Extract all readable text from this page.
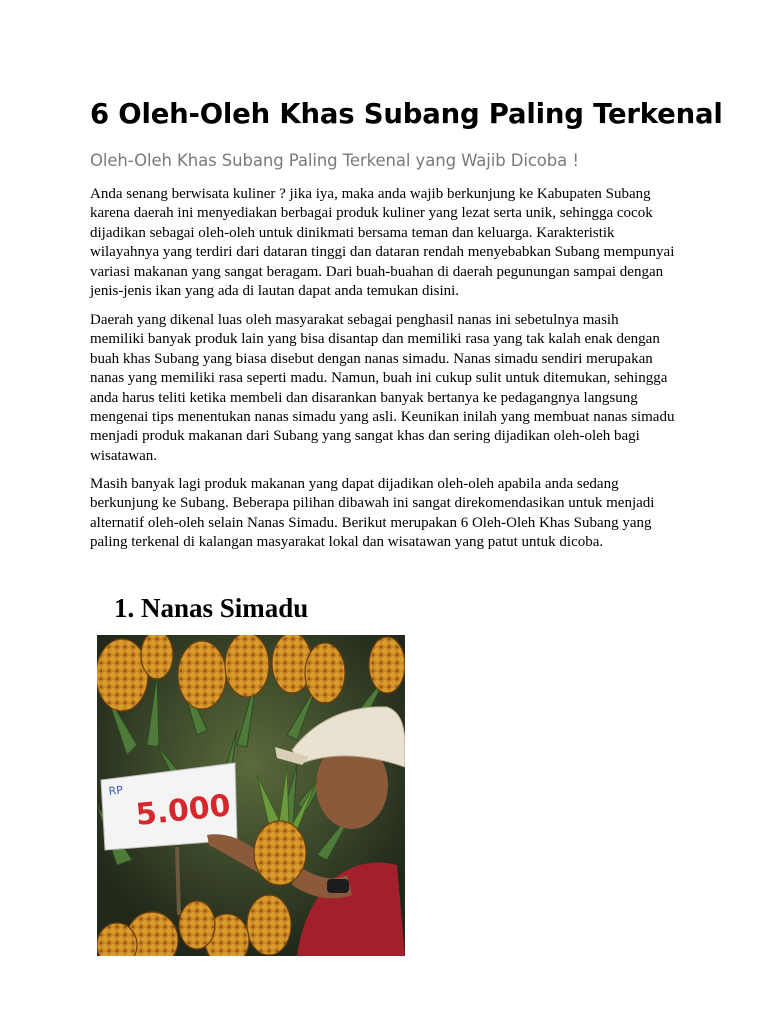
6 Oleh-Oleh Khas Subang Paling Terkenal

Oleh-Oleh Khas Subang Paling Terkenal yang Wajib Dicoba !

Anda senang berwisata kuliner ? jika iya, maka anda wajib berkunjung ke Kabupaten Subang
karena daerah ini menyediakan berbagai produk kuliner yang lezat serta unik, sehingga cocok
dijadikan sebagai oleh-oleh untuk dinikmati bersama teman dan keluarga. Karakteristik
wilayahnya yang terdiri dari dataran tinggi dan dataran rendah menyebabkan Subang mempunyai
variasi makanan yang sangat beragam. Dari buah-buahan di daerah pegunungan sampai dengan
jenis-jenis ikan yang ada di lautan dapat anda temukan disini.

Daerah yang dikenal luas oleh masyarakat sebagai penghasil nanas ini sebetulnya masih
memiliki banyak produk lain yang bisa disantap dan memiliki rasa yang tak kalah enak dengan
buah khas Subang yang biasa disebut dengan nanas simadu. Nanas simadu sendiri merupakan
nanas yang memiliki rasa seperti madu. Namun, buah ini cukup sulit untuk ditemukan, sehingga
anda harus teliti ketika membeli dan disarankan banyak bertanya ke pedagangnya langsung
mengenai tips menentukan nanas simadu yang asli. Keunikan inilah yang membuat nanas simadu
menjadi produk makanan dari Subang yang sangat khas dan sering dijadikan oleh-oleh bagi
wisatawan.

Masih banyak lagi produk makanan yang dapat dijadikan oleh-oleh apabila anda sedang
berkunjung ke Subang. Beberapa pilihan dibawah ini sangat direkomendasikan untuk menjadi
alternatif oleh-oleh selain Nanas Simadu. Berikut merupakan 6 Oleh-Oleh Khas Subang yang
paling terkenal di kalangan masyarakat lokal dan wisatawan yang patut untuk dicoba.

1. Nanas Simadu
RP 5.000
